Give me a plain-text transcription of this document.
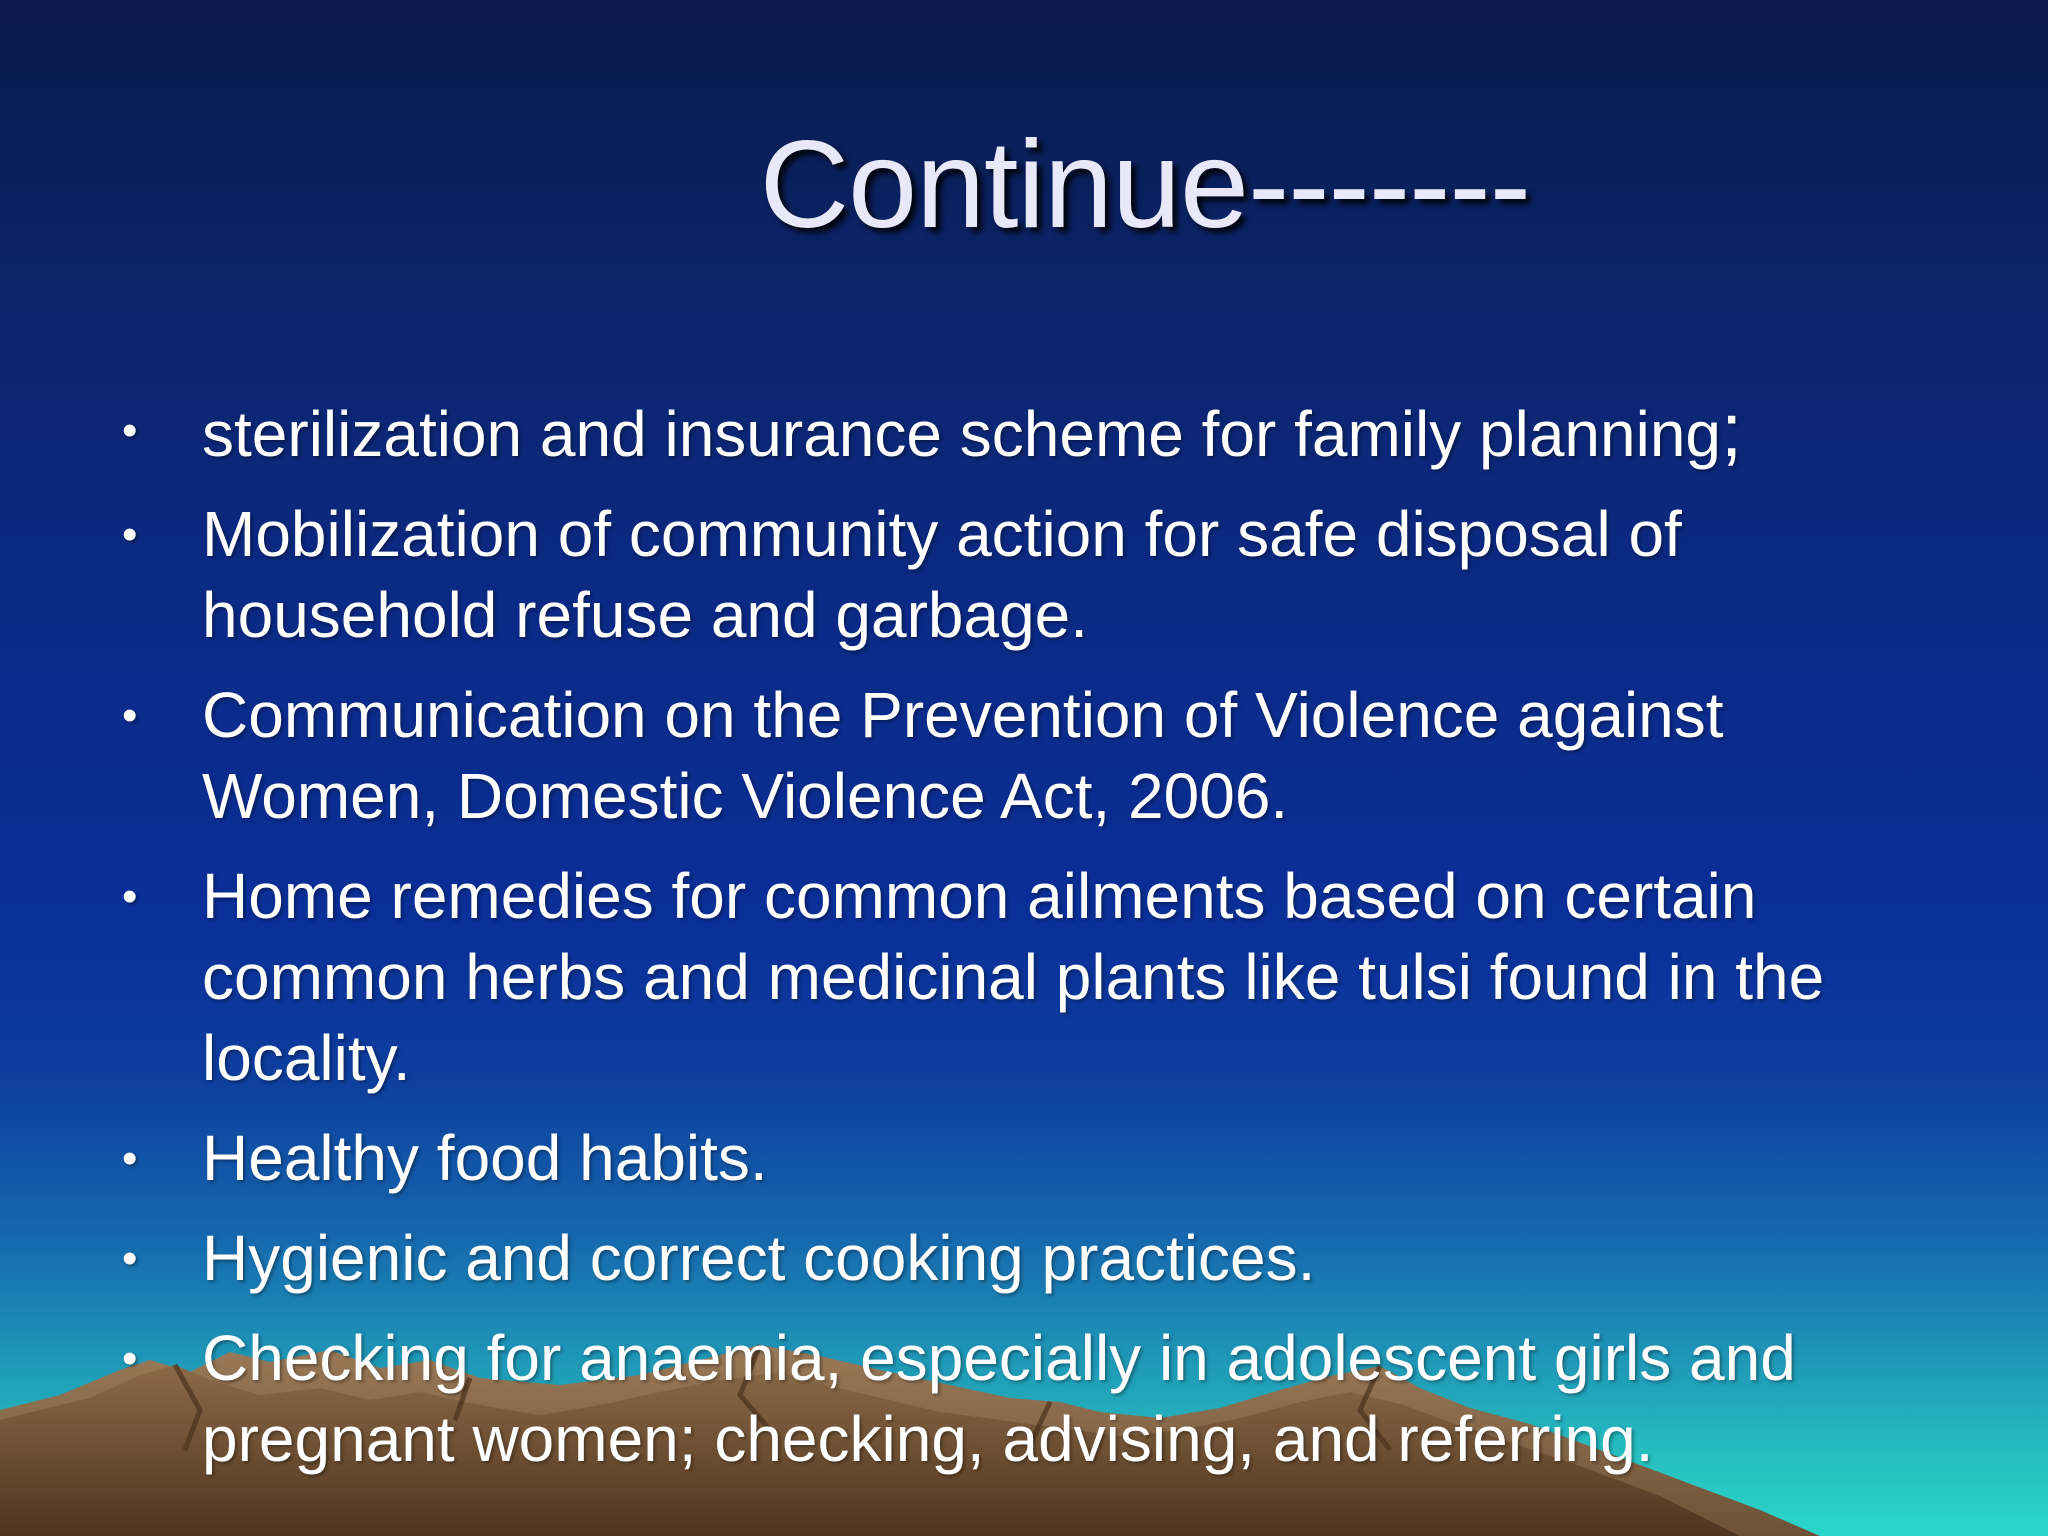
Continue-------
• sterilization and insurance scheme for family planning;
• Mobilization of community action for safe disposal of household refuse and garbage.
• Communication on the Prevention of Violence against Women, Domestic Violence Act, 2006.
• Home remedies for common ailments based on certain common herbs and medicinal plants like tulsi found in the locality.
• Healthy food habits.
• Hygienic and correct cooking practices.
• Checking for anaemia, especially in adolescent girls and pregnant women; checking, advising, and referring.
